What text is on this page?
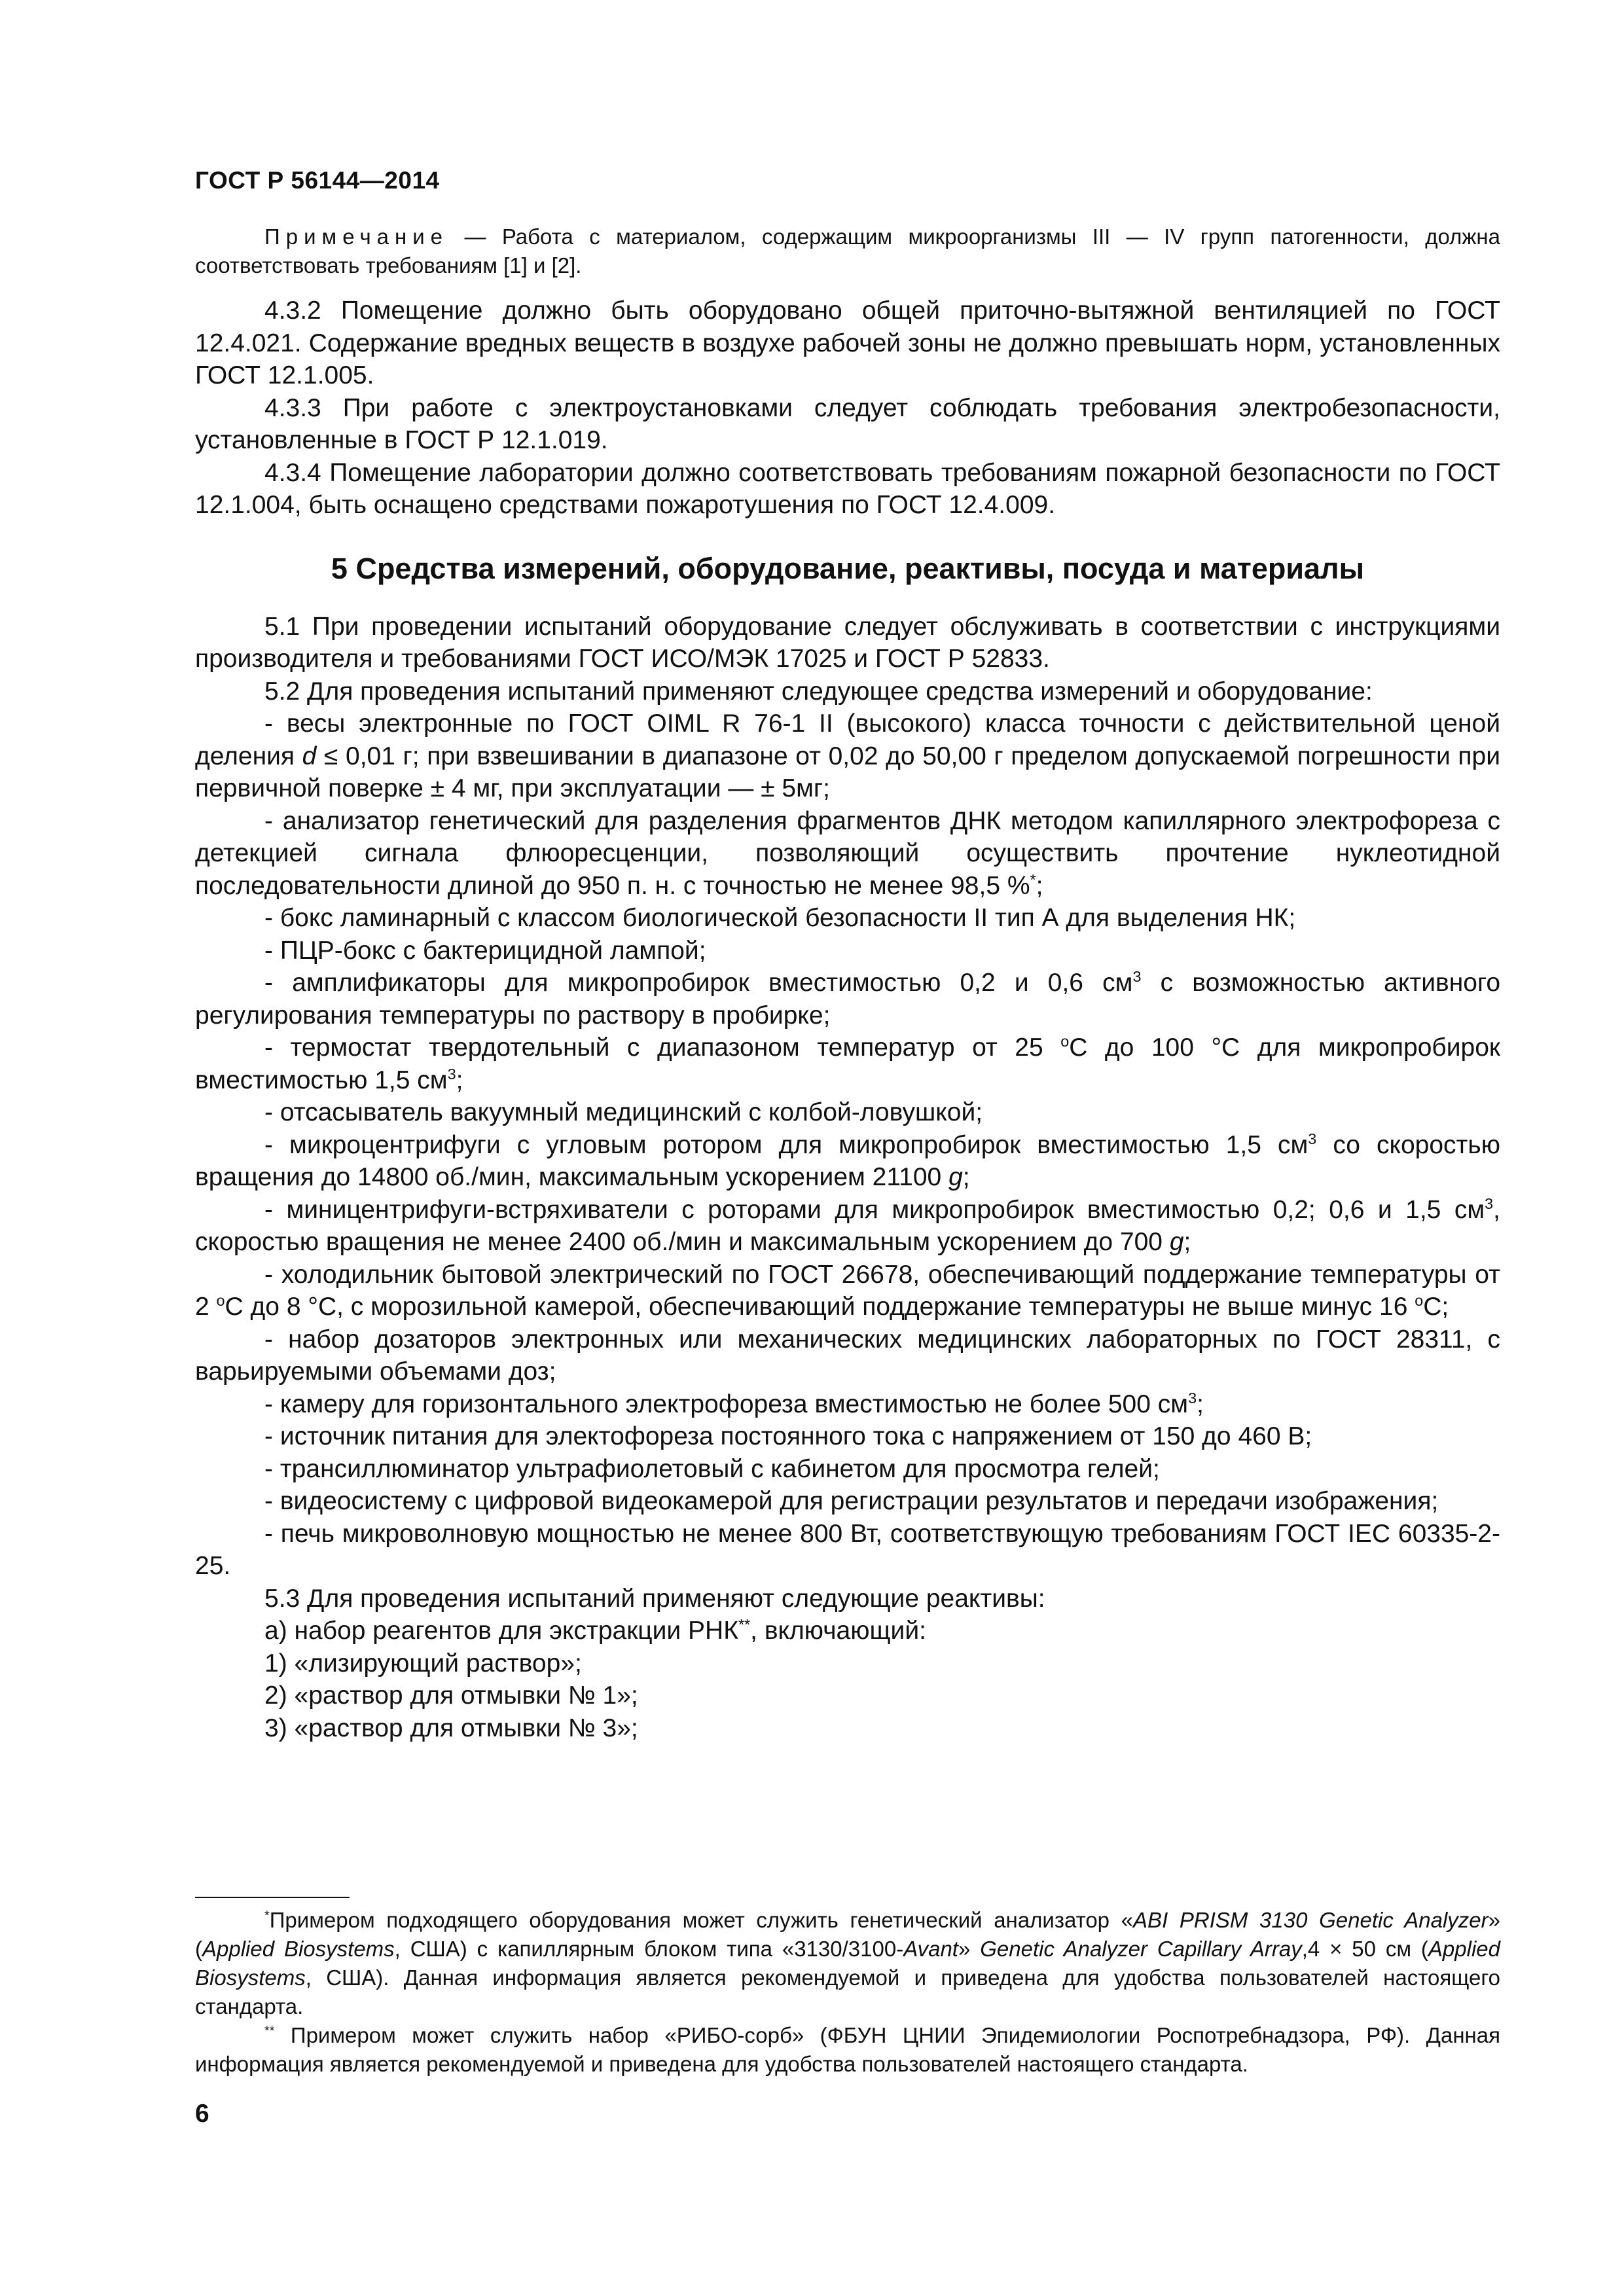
ГОСТ Р 56144—2014

Примечание — Работа с материалом, содержащим микроорганизмы III — IV групп патогенности, должна соответствовать требованиям [1] и [2].

4.3.2 Помещение должно быть оборудовано общей приточно-вытяжной вентиляцией по ГОСТ 12.4.021. Содержание вредных веществ в воздухе рабочей зоны не должно превышать норм, установленных ГОСТ 12.1.005.

4.3.3 При работе с электроустановками следует соблюдать требования электробезопасности, установленные в ГОСТ Р 12.1.019.

4.3.4 Помещение лаборатории должно соответствовать требованиям пожарной безопасности по ГОСТ 12.1.004, быть оснащено средствами пожаротушения по ГОСТ 12.4.009.

5 Средства измерений, оборудование, реактивы, посуда и материалы

5.1 При проведении испытаний оборудование следует обслуживать в соответствии с инструкциями производителя и требованиями ГОСТ ИСО/МЭК 17025 и ГОСТ Р 52833.

5.2 Для проведения испытаний применяют следующее средства измерений и оборудование:

- весы электронные по ГОСТ OIML R 76-1 II (высокого) класса точности с действительной ценой деления d ≤ 0,01 г; при взвешивании в диапазоне от 0,02 до 50,00 г пределом допускаемой погрешности при первичной поверке ± 4 мг, при эксплуатации — ± 5мг;

- анализатор генетический для разделения фрагментов ДНК методом капиллярного электрофореза с детекцией сигнала флюоресценции, позволяющий осуществить прочтение нуклеотидной последовательности длиной до 950 п. н. с точностью не менее 98,5 %*;

- бокс ламинарный с классом биологической безопасности II тип А для выделения НК;

- ПЦР-бокс с бактерицидной лампой;

- амплификаторы для микропробирок вместимостью 0,2 и 0,6 $см^3$ с возможностью активного регулирования температуры по раствору в пробирке;

- термостат твердотельный с диапазоном температур от 25 $^о$С до 100 °С для микропробирок вместимостью 1,5 $см^3$;

- отсасыватель вакуумный медицинский с колбой-ловушкой;

- микроцентрифуги с угловым ротором для микропробирок вместимостью 1,5 $см^3$ со скоростью вращения до 14800 об./мин, максимальным ускорением 21100 g;

- миницентрифуги-встряхиватели с роторами для микропробирок вместимостью 0,2; 0,6 и 1,5 $см^3$, скоростью вращения не менее 2400 об./мин и максимальным ускорением до 700 g;

- холодильник бытовой электрический по ГОСТ 26678, обеспечивающий поддержание температуры от 2 $^о$С до 8 °С, с морозильной камерой, обеспечивающий поддержание температуры не выше минус 16 $^о$С;

- набор дозаторов электронных или механических медицинских лабораторных по ГОСТ 28311, с варьируемыми объемами доз;

- камеру для горизонтального электрофореза вместимостью не более 500 $см^3$;

- источник питания для электофореза постоянного тока с напряжением от 150 до 460 В;

- трансиллюминатор ультрафиолетовый с кабинетом для просмотра гелей;

- видеосистему с цифровой видеокамерой для регистрации результатов и передачи изображения;

- печь микроволновую мощностью не менее 800 Вт, соответствующую требованиям ГОСТ IEC 60335-2-25.

5.3 Для проведения испытаний применяют следующие реактивы:

а) набор реагентов для экстракции РНК**, включающий:

1) «лизирующий раствор»;

2) «раствор для отмывки № 1»;

3) «раствор для отмывки № 3»;

*Примером подходящего оборудования может служить генетический анализатор «ABI PRISM 3130 Genetic Analyzer» (Applied Biosystems, США) с капиллярным блоком типа «3130/3100-Avant» Genetic Analyzer Capillary Array,4 × 50 см (Applied Biosystems, США). Данная информация является рекомендуемой и приведена для удобства пользователей настоящего стандарта.

** Примером может служить набор «РИБО-сорб» (ФБУН ЦНИИ Эпидемиологии Роспотребнадзора, РФ). Данная информация является рекомендуемой и приведена для удобства пользователей настоящего стандарта.

6
